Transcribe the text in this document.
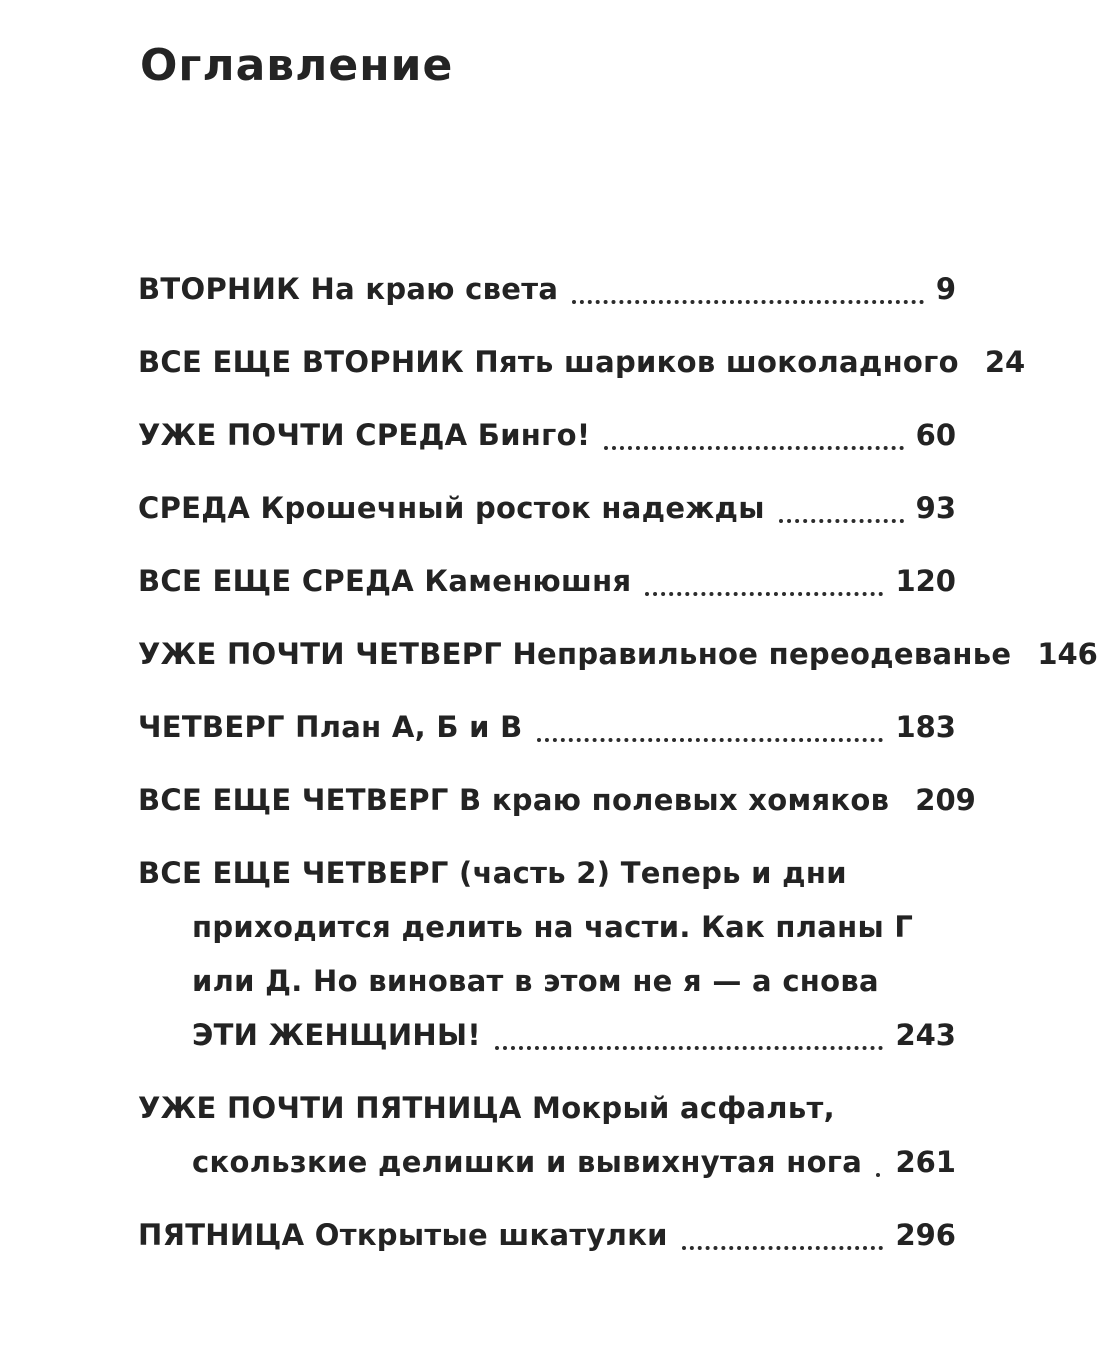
Оглавление
ВТОРНИК На краю света	9
ВСЕ ЕЩЕ ВТОРНИК Пять шариков шоколадного 24
УЖЕ ПОЧТИ СРЕДА Бинго!	60
СРЕДА Крошечный росток надежды	93
ВСЕ ЕЩЕ СРЕДА Каменюшня	120
УЖЕ ПОЧТИ ЧЕТВЕРГ Неправильное переодеванье 146
ЧЕТВЕРГ План А, Б и В	183
ВСЕ ЕЩЕ ЧЕТВЕРГ В краю полевых хомяков 209
ВСЕ ЕЩЕ ЧЕТВЕРГ (часть 2) Теперь и дни
приходится делить на части. Как планы Г
или Д. Но виноват в этом не я — а снова
ЭТИ ЖЕНЩИНЫ!	243
УЖЕ ПОЧТИ ПЯТНИЦА Мокрый асфальт,
скользкие делишки и вывихнутая нога 261
ПЯТНИЦА Открытые шкатулки	296
